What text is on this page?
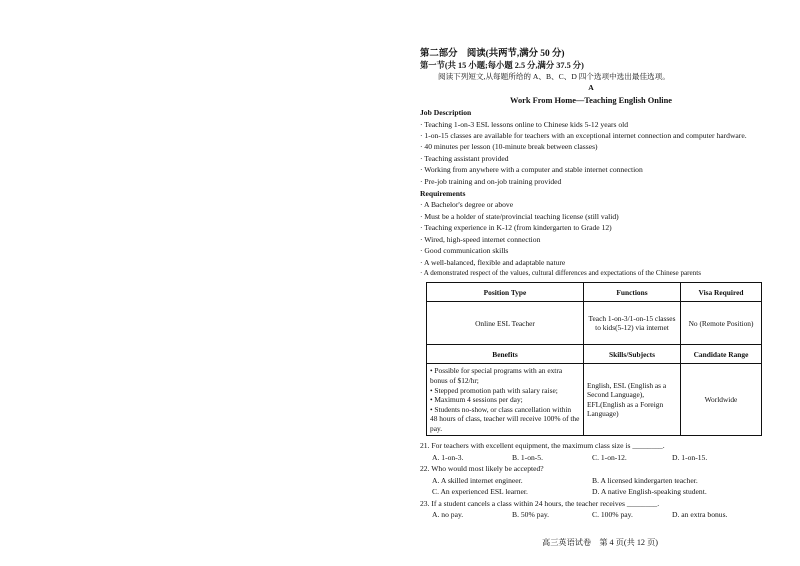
第二部分　阅读(共两节,满分 50 分)
第一节(共 15 小题;每小题 2.5 分,满分 37.5 分)
阅读下列短文,从每题所给的 A、B、C、D 四个选项中选出最佳选项。
A
Work From Home—Teaching English Online
Job Description
· Teaching 1-on-3 ESL lessons online to Chinese kids 5-12 years old
· 1-on-15 classes are available for teachers with an exceptional internet connection and computer hardware.
· 40 minutes per lesson (10-minute break between classes)
· Teaching assistant provided
· Working from anywhere with a computer and stable internet connection
· Pre-job training and on-job training provided
Requirements
· A Bachelor's degree or above
· Must be a holder of state/provincial teaching license (still valid)
· Teaching experience in K-12 (from kindergarten to Grade 12)
· Wired, high-speed internet connection
· Good communication skills
· A well-balanced, flexible and adaptable nature
· A demonstrated respect of the values, cultural differences and expectations of the Chinese parents
Position Type	Functions	Visa Required
Online ESL Teacher	Teach 1-on-3/1-on-15 classes to kids(5-12) via internet	No (Remote Position)
Benefits	Skills/Subjects	Candidate Range

• Possible for special programs with an extra bonus of $12/hr;
• Stepped promotion path with salary raise;
• Maximum 4 sessions per day;
• Students no-show, or class cancellation within 48 hours of class, teacher will receive 100% of the pay.	English, ESL (English as a Second Language), EFL(English as a Foreign Language)	Worldwide
21. For teachers with excellent equipment, the maximum class size is ________.
A. 1-on-3.	B. 1-on-5.	C. 1-on-12.	D. 1-on-15.
22. Who would most likely be accepted?
A. A skilled internet engineer.	B. A licensed kindergarten teacher.
C. An experienced ESL learner.	D. A native English-speaking student.
23. If a student cancels a class within 24 hours, the teacher receives ________.
A. no pay.	B. 50% pay.	C. 100% pay.	D. an extra bonus.
高三英语试卷　第 4 页(共 12 页)
